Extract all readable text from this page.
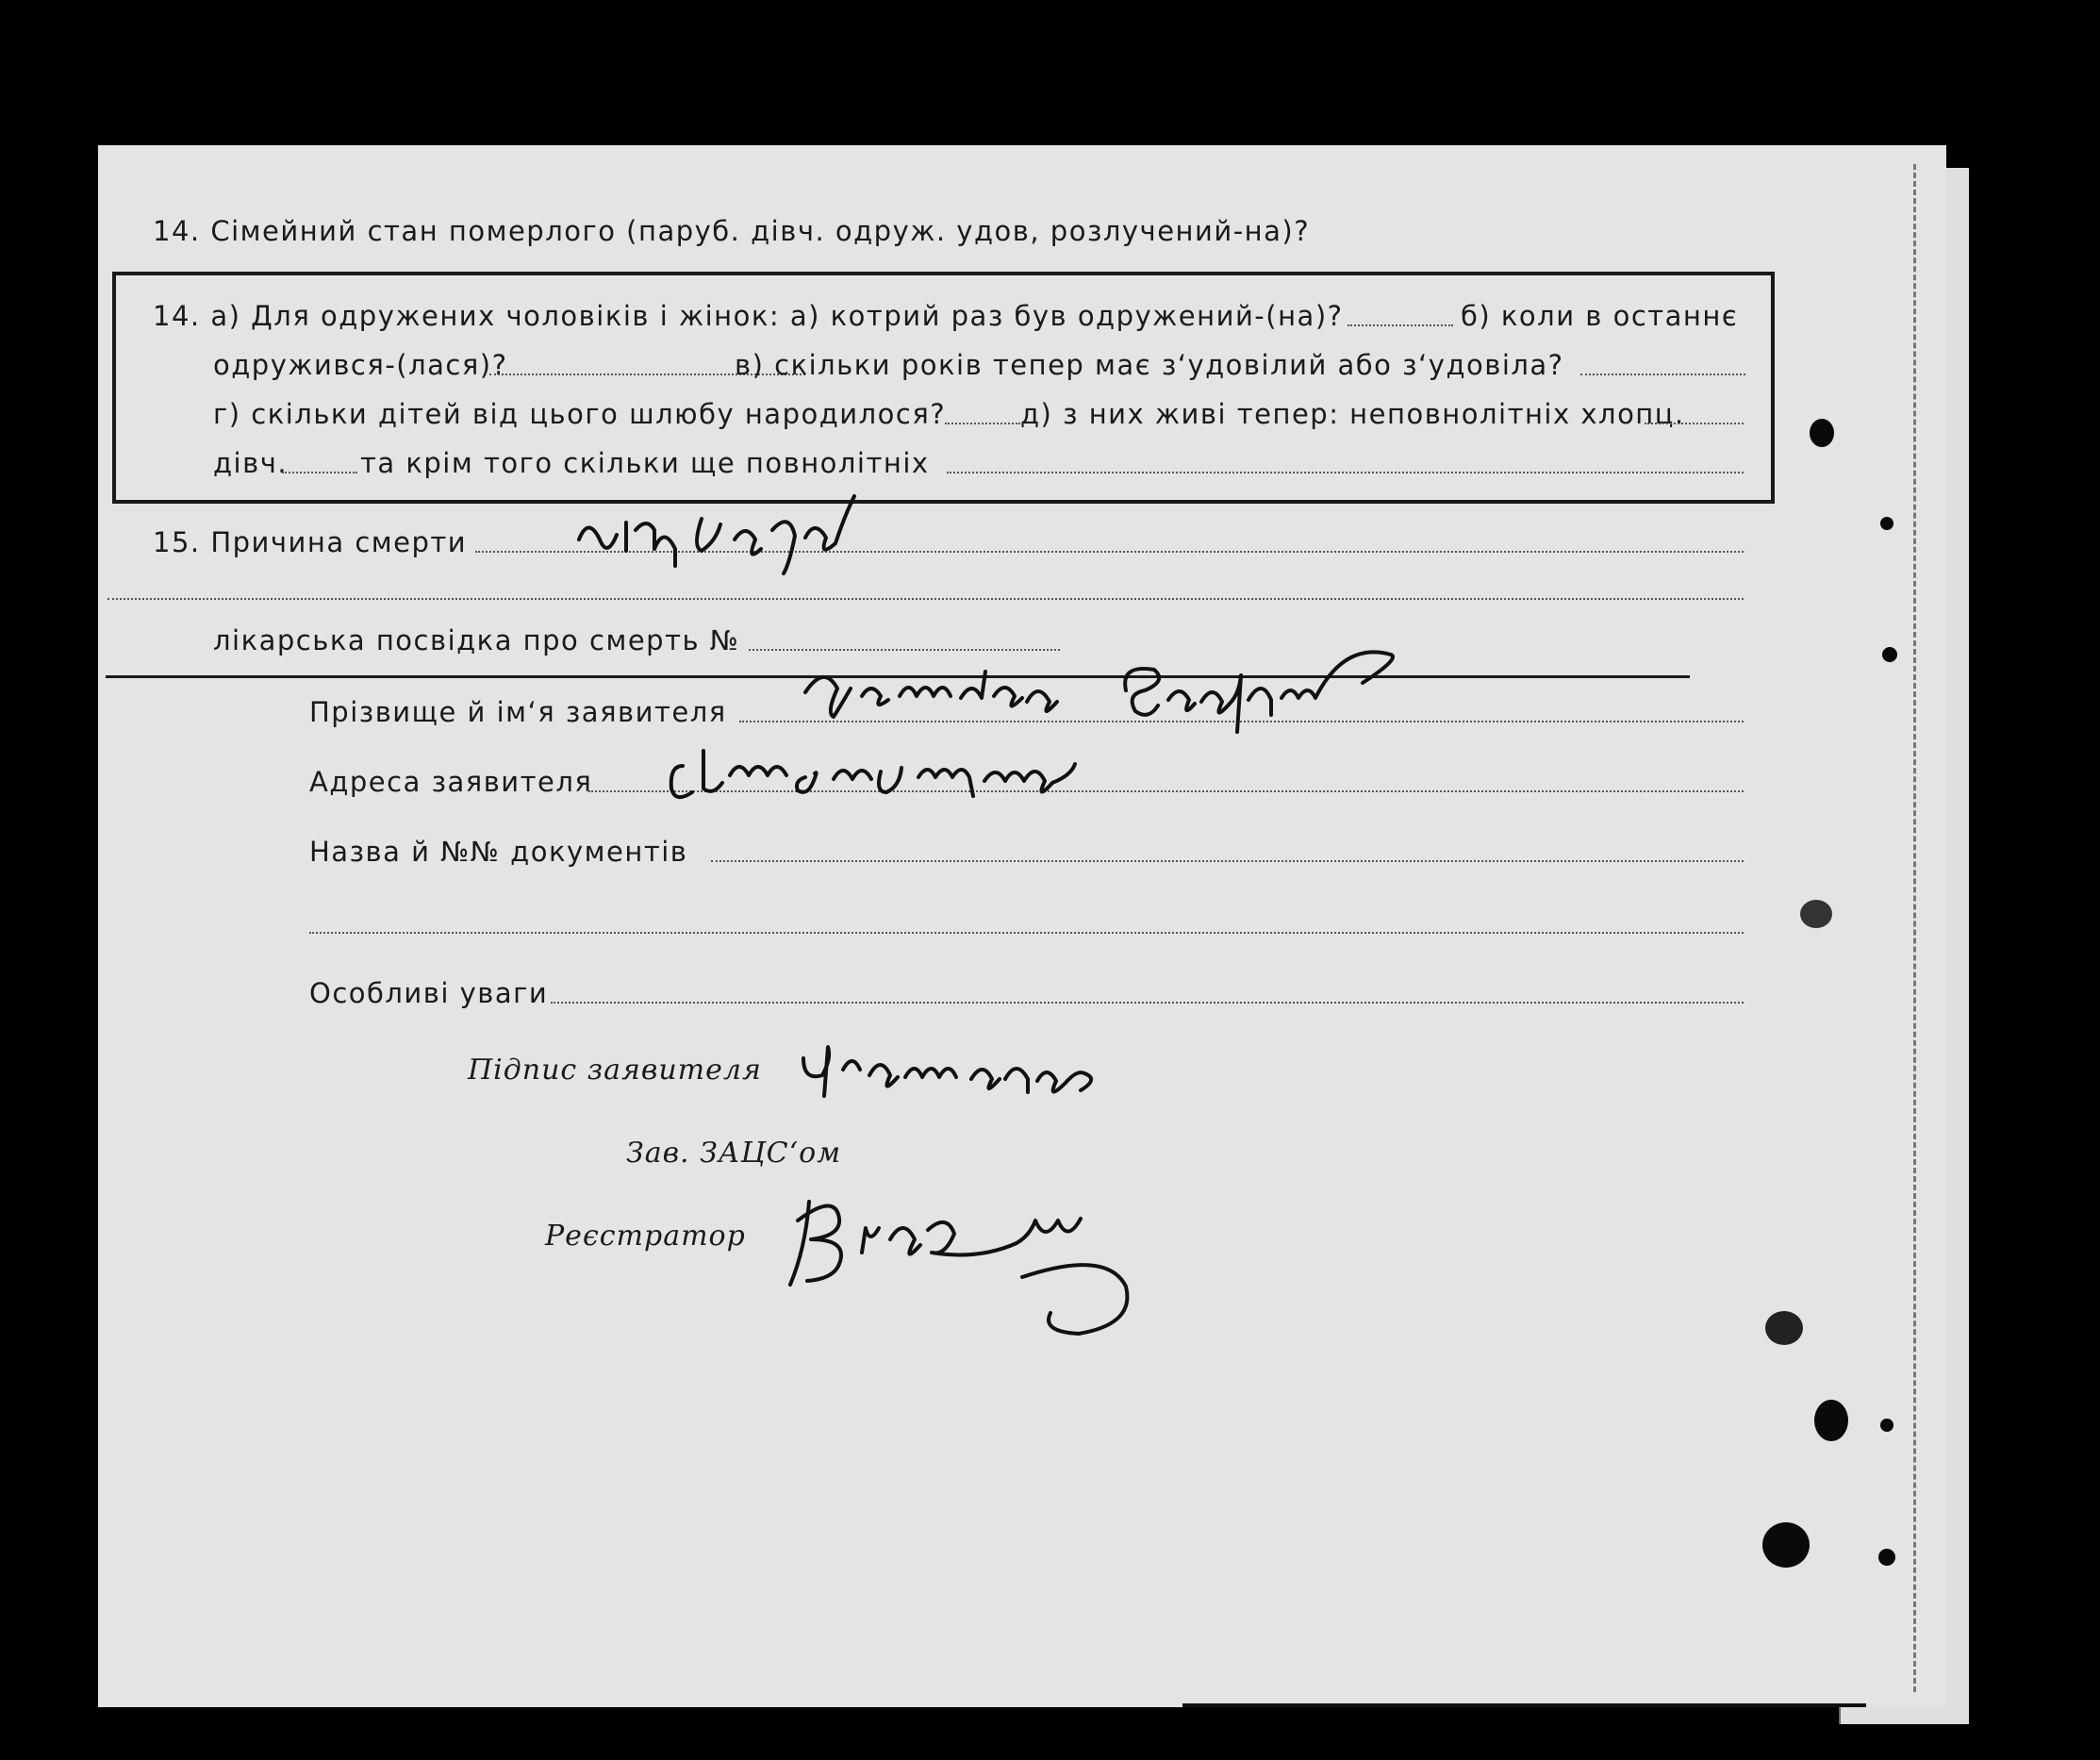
14. Сімейний стан померлого (паруб. дівч. одруж. удов, розлучений-на)?
14. а) Для одружених чоловіків і жінок: а) котрий раз був одружений-(на)?	б) коли в останнє
одружився-(лася)?	в) скільки років тепер має з‘удовілий або з‘удовіла?
г) скільки дітей від цього шлюбу народилося?	д) з них живі тепер: неповнолітніх хлопц.
дівч.	та крім того скільки ще повнолітніх
15. Причина смерти
лікарська посвідка про смерть №
Прізвище й ім‘я заявителя
Адреса заявителя
Назва й №№ документів
Особливі уваги
Підпис заявителя
Зав. ЗАЦС‘ом
Реєстратор
